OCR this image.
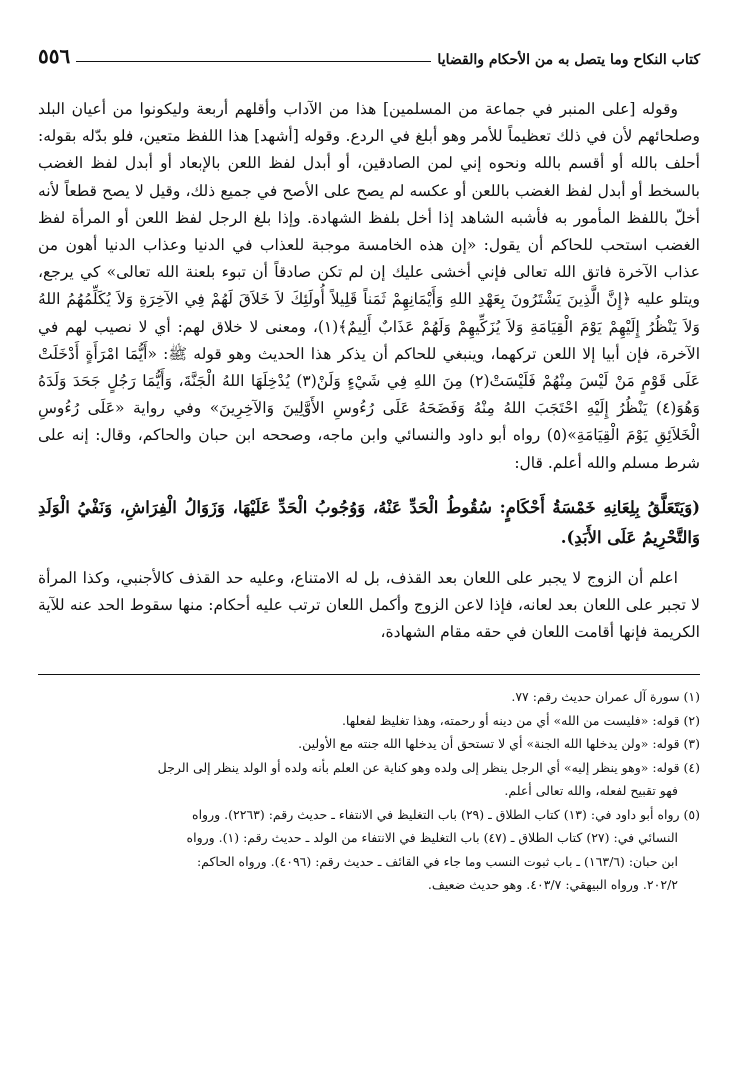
كتاب النكاح وما يتصل به من الأحكام والقضايا
٥٥٦

وقوله [على المنبر في جماعة من المسلمين] هذا من الآداب وأقلهم أربعة وليكونوا من أعيان البلد وصلحائهم لأن في ذلك تعظيماً للأمر وهو أبلغ في الردع. وقوله [أشهد] هذا اللفظ متعين، فلو بدّله بقوله: أحلف بالله أو أقسم بالله ونحوه إني لمن الصادقين، أو أبدل لفظ اللعن بالإبعاد أو أبدل لفظ الغضب بالسخط أو أبدل لفظ الغضب باللعن أو عكسه لم يصح على الأصح في جميع ذلك، وقيل لا يصح قطعاً لأنه أخلّ باللفظ المأمور به فأشبه الشاهد إذا أخل بلفظ الشهادة. وإذا بلغ الرجل لفظ اللعن أو المرأة لفظ الغضب استحب للحاكم أن يقول: «إن هذه الخامسة موجبة للعذاب في الدنيا وعذاب الدنيا أهون من عذاب الآخرة فاتق الله تعالى فإني أخشى عليك إن لم تكن صادقاً أن تبوء بلعنة الله تعالى» كي يرجع، ويتلو عليه ﴿إِنَّ الَّذِينَ يَشْتَرُونَ بِعَهْدِ اللهِ وَأَيْمَانِهِمْ ثَمَناً قَلِيلاً أُولَئِكَ لاَ خَلاَقَ لَهُمْ فِي الآخِرَةِ وَلاَ يُكَلِّمُهُمُ اللهُ وَلاَ يَنْظُرُ إِلَيْهِمْ يَوْمَ الْقِيَامَةِ وَلاَ يُزَكِّيهِمْ وَلَهُمْ عَذَابٌ أَلِيمٌ﴾(١)، ومعنى لا خلاق لهم: أي لا نصيب لهم في الآخرة، فإن أبيا إلا اللعن تركهما، وينبغي للحاكم أن يذكر هذا الحديث وهو قوله ﷺ: «أَيُّمَا امْرَأَةٍ أَدْخَلَتْ عَلَى قَوْمٍ مَنْ لَيْسَ مِنْهُمْ فَلَيْسَتْ(٢) مِنَ اللهِ فِي شَيْءٍ وَلَنْ(٣) يُدْخِلَهَا اللهُ الْجَنَّةَ، وَأَيُّمَا رَجُلٍ جَحَدَ وَلَدَهُ وَهُوَ(٤) يَنْظُرُ إِلَيْهِ احْتَجَبَ اللهُ مِنْهُ وَفَضَحَهُ عَلَى رُءُوسِ الأَوَّلِينَ وَالآخِرِينَ» وفي رواية «عَلَى رُءُوسِ الْخَلاَئِقِ يَوْمَ الْقِيَامَةِ»(٥) رواه أبو داود والنسائي وابن ماجه، وصححه ابن حبان والحاكم، وقال: إنه على شرط مسلم والله أعلم. قال:

(وَيَتَعَلَّقُ بِلِعَانِهِ خَمْسَةُ أَحْكَامٍ: سُقُوطُ الْحَدِّ عَنْهُ، وَوُجُوبُ الْحَدِّ عَلَيْهَا، وَزَوَالُ الْفِرَاشِ، وَنَفْيُ الْوَلَدِ وَالتَّحْرِيمُ عَلَى الأَبَدِ).

اعلم أن الزوج لا يجبر على اللعان بعد القذف، بل له الامتناع، وعليه حد القذف كالأجنبي، وكذا المرأة لا تجبر على اللعان بعد لعانه، فإذا لاعن الزوج وأكمل اللعان ترتب عليه أحكام: منها سقوط الحد عنه للآية الكريمة فإنها أقامت اللعان في حقه مقام الشهادة،

(١) سورة آل عمران حديث رقم: ٧٧.

(٢) قوله: «فليست من الله» أي من دينه أو رحمته، وهذا تغليظ لفعلها.

(٣) قوله: «ولن يدخلها الله الجنة» أي لا تستحق أن يدخلها الله جنته مع الأولين.

(٤) قوله: «وهو ينظر إليه» أي الرجل ينظر إلى ولده وهو كناية عن العلم بأنه ولده أو الولد ينظر إلى الرجل

فهو تقبيح لفعله، والله تعالى أعلم.

(٥) رواه أبو داود في: (١٣) كتاب الطلاق ـ (٢٩) باب التغليظ في الانتفاء ـ حديث رقم: (٢٢٦٣). ورواه

النسائي في: (٢٧) كتاب الطلاق ـ (٤٧) باب التغليظ في الانتفاء من الولد ـ حديث رقم: (١). ورواه

ابن حبان: (١٦٣/٦) ـ باب ثبوت النسب وما جاء في القائف ـ حديث رقم: (٤٠٩٦). ورواه الحاكم:

٢٠٢/٢. ورواه البيهقي: ٤٠٣/٧. وهو حديث ضعيف.
